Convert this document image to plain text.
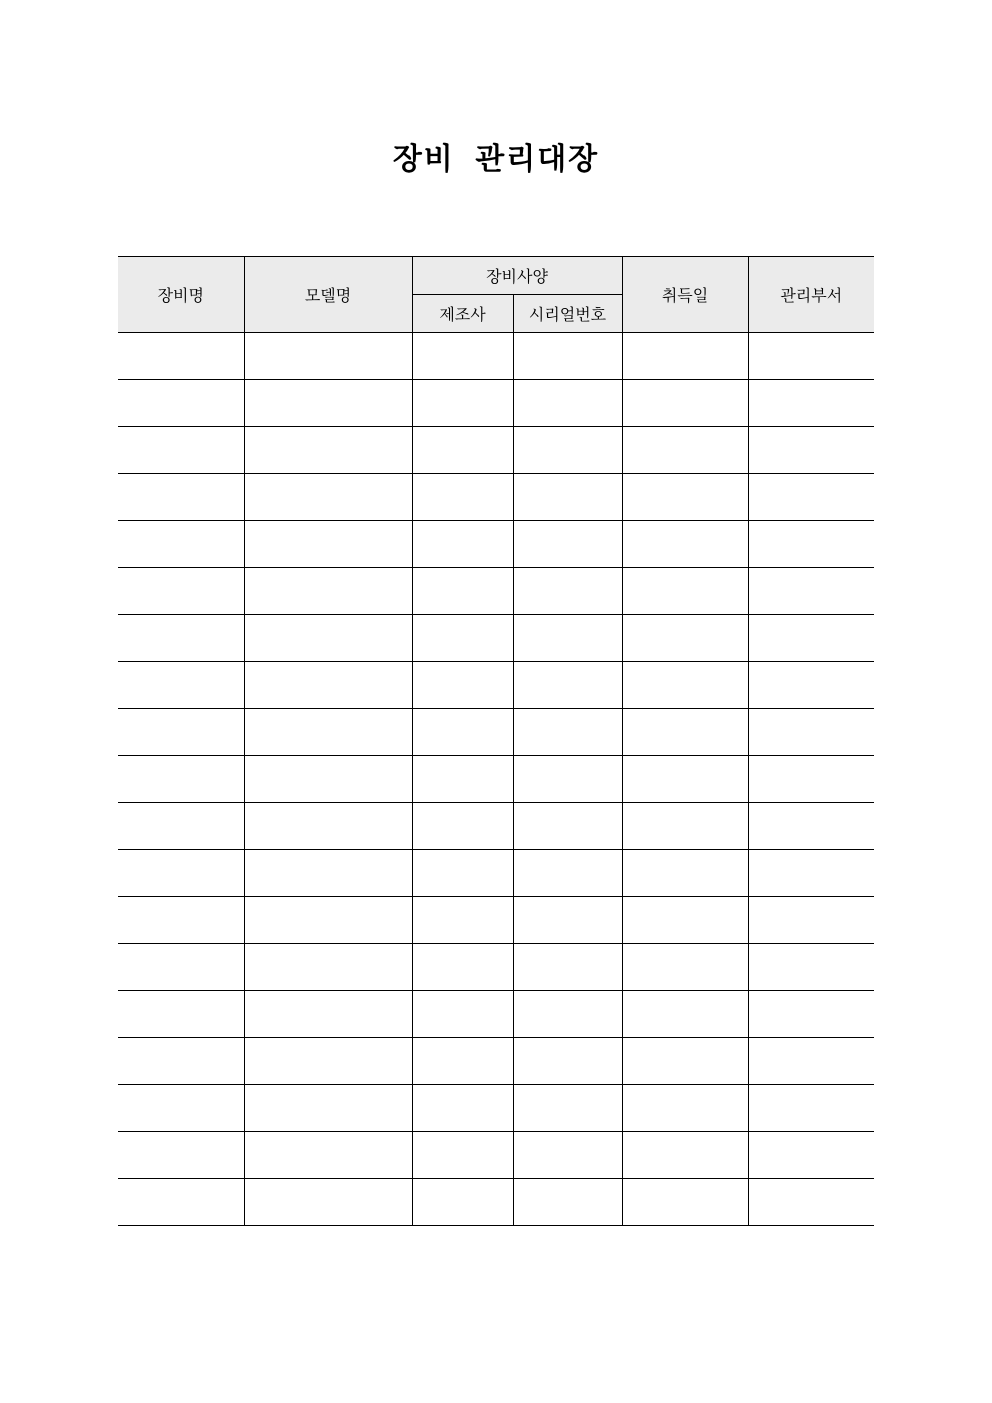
장비 관리대장
장비명	모델명	장비사양		취득일	관리부서
		제조사	시리얼번호		
